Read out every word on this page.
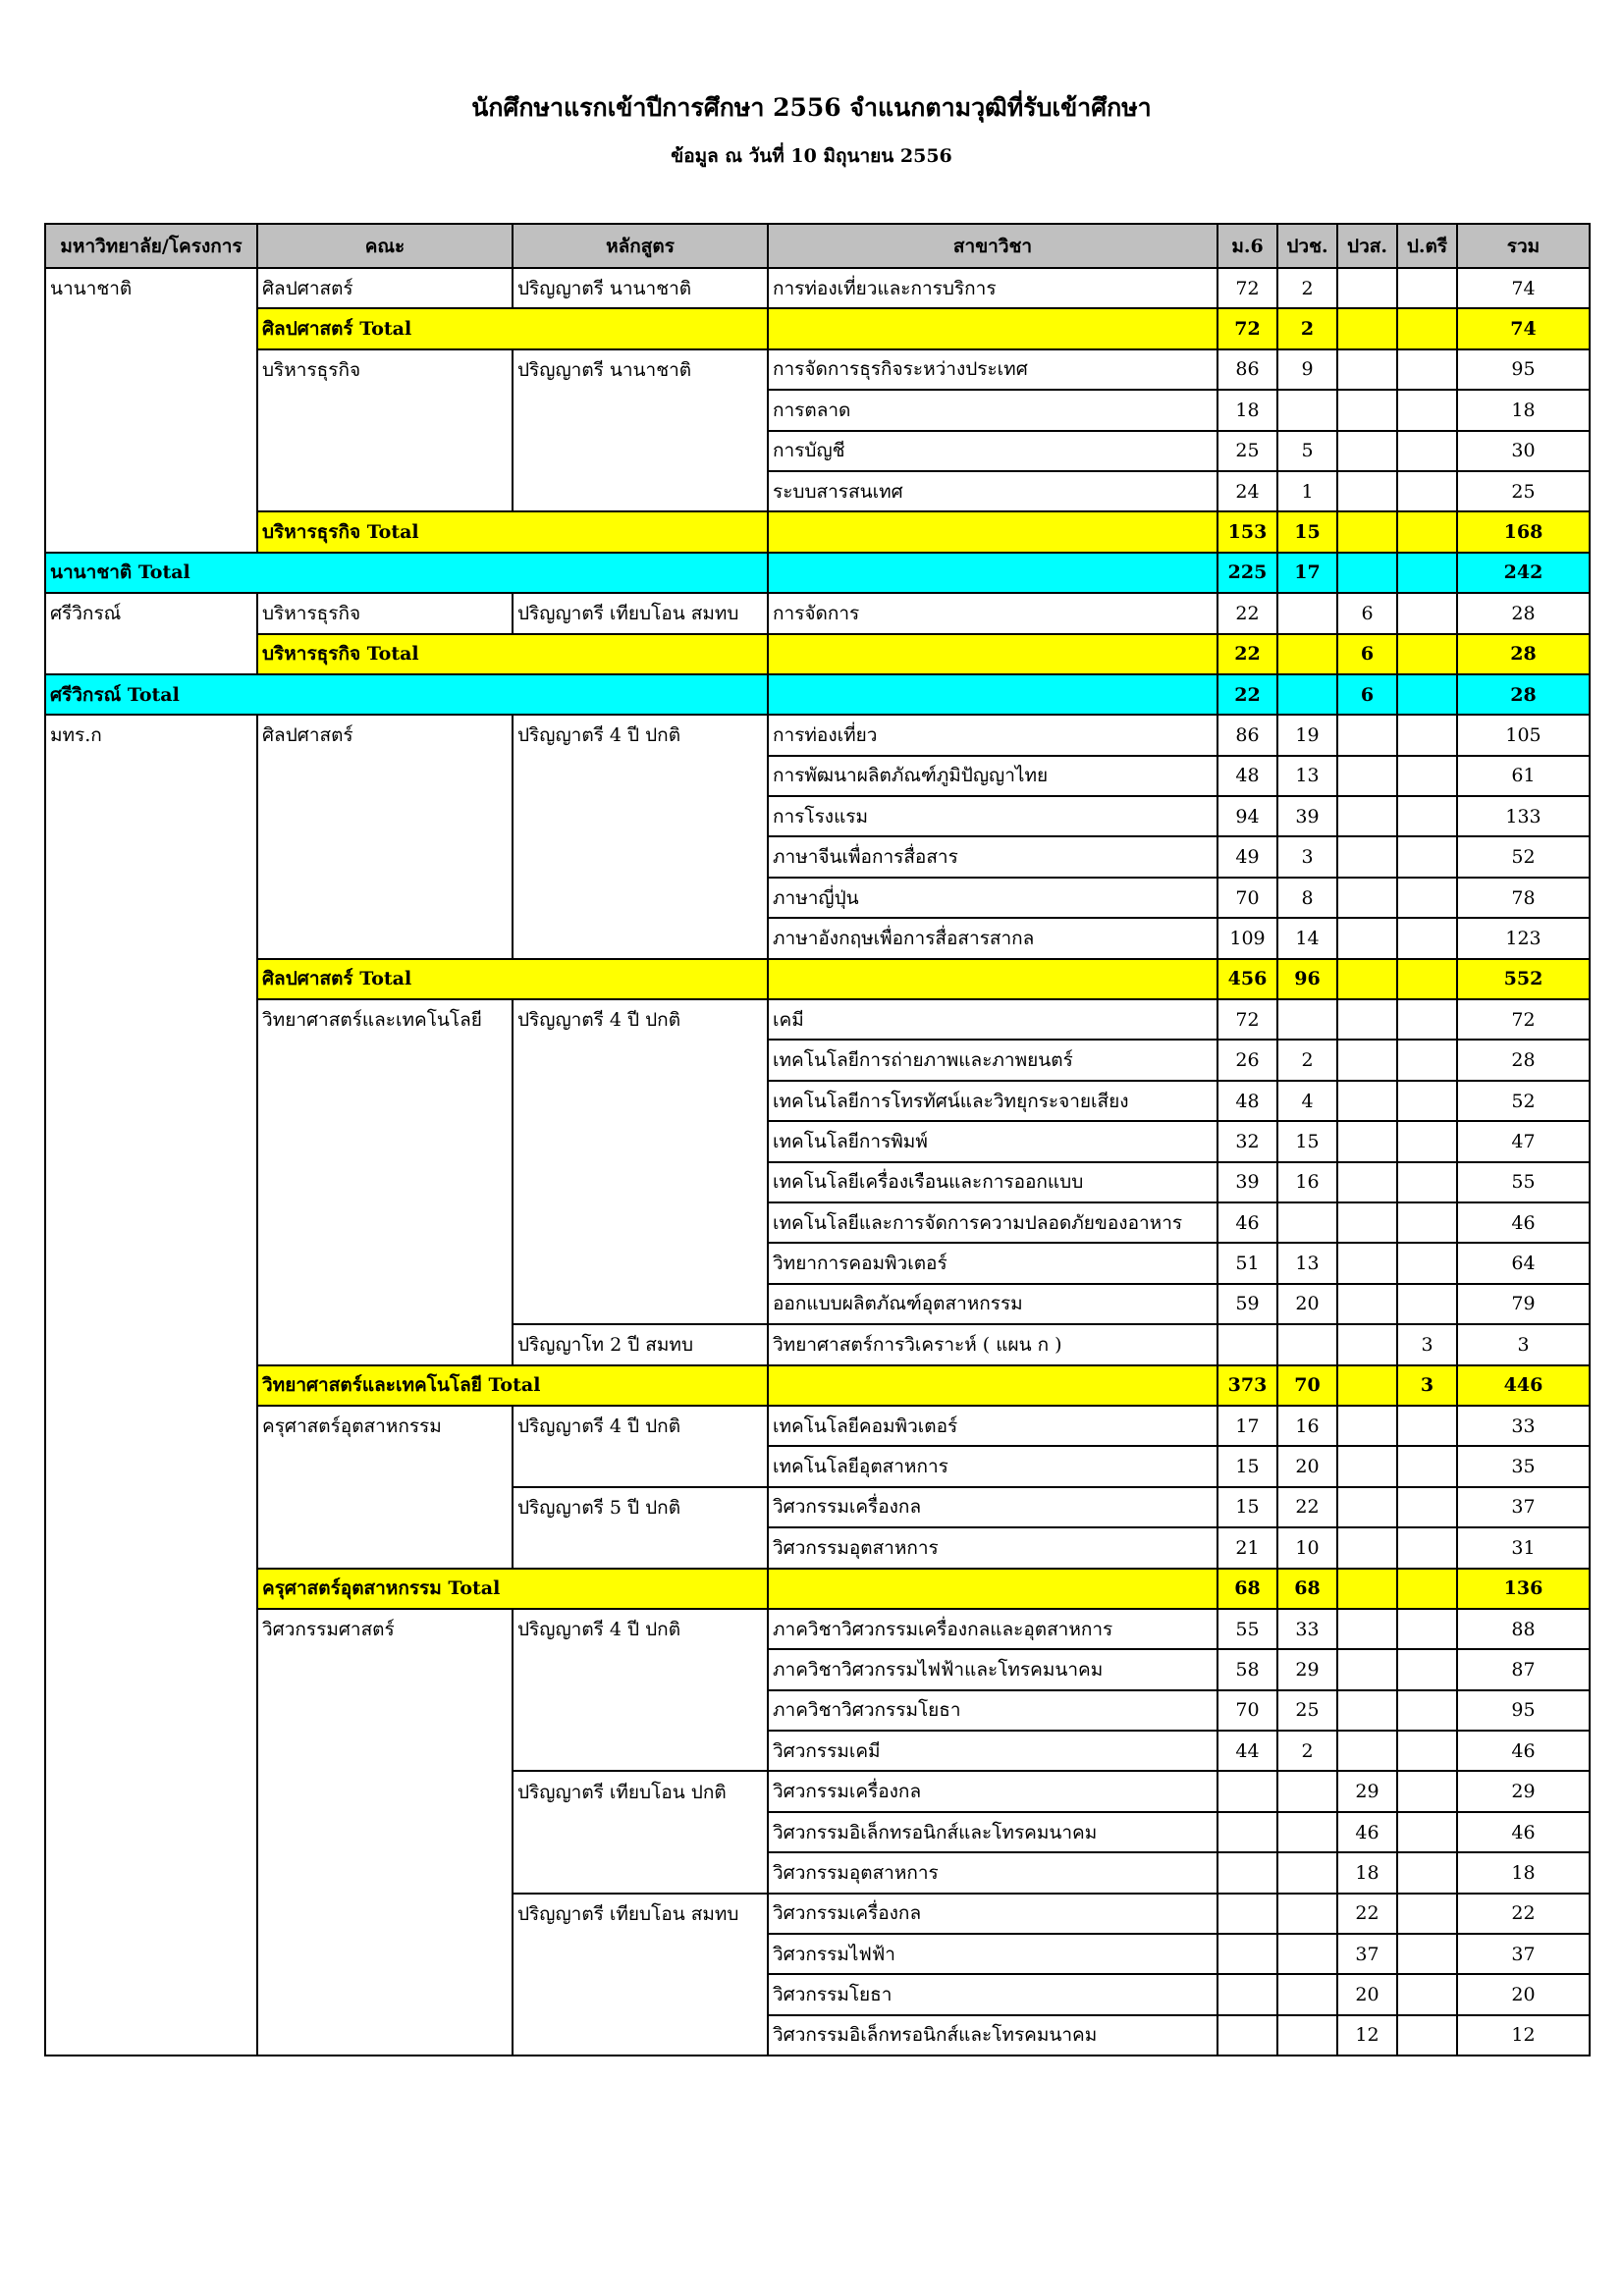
นักศึกษาแรกเข้าปีการศึกษา 2556 จำแนกตามวุฒิที่รับเข้าศึกษา
ข้อมูล ณ วันที่ 10 มิถุนายน 2556
มหาวิทยาลัย/โครงการ	คณะ	หลักสูตร	สาขาวิชา	ม.6	ปวช.	ปวส.	ป.ตรี	รวม
นานาชาติ	ศิลปศาสตร์	ปริญญาตรี นานาชาติ	การท่องเที่ยวและการบริการ	72	2			74
	ศิลปศาสตร์ Total			72	2			74
	บริหารธุรกิจ	ปริญญาตรี นานาชาติ	การจัดการธุรกิจระหว่างประเทศ	86	9			95
			การตลาด	18				18
			การบัญชี	25	5			30
			ระบบสารสนเทศ	24	1			25
	บริหารธุรกิจ Total			153	15			168
นานาชาติ Total				225	17			242
ศรีวิกรณ์	บริหารธุรกิจ	ปริญญาตรี เทียบโอน สมทบ	การจัดการ	22		6		28
	บริหารธุรกิจ Total			22		6		28
ศรีวิกรณ์ Total				22		6		28
มทร.ก	ศิลปศาสตร์	ปริญญาตรี 4 ปี ปกติ	การท่องเที่ยว	86	19			105
			การพัฒนาผลิตภัณฑ์ภูมิปัญญาไทย	48	13			61
			การโรงแรม	94	39			133
			ภาษาจีนเพื่อการสื่อสาร	49	3			52
			ภาษาญี่ปุ่น	70	8			78
			ภาษาอังกฤษเพื่อการสื่อสารสากล	109	14			123
	ศิลปศาสตร์ Total			456	96			552
	วิทยาศาสตร์และเทคโนโลยี	ปริญญาตรี 4 ปี ปกติ	เคมี	72				72
			เทคโนโลยีการถ่ายภาพและภาพยนตร์	26	2			28
			เทคโนโลยีการโทรทัศน์และวิทยุกระจายเสียง	48	4			52
			เทคโนโลยีการพิมพ์	32	15			47
			เทคโนโลยีเครื่องเรือนและการออกแบบ	39	16			55
			เทคโนโลยีและการจัดการความปลอดภัยของอาหาร	46				46
			วิทยาการคอมพิวเตอร์	51	13			64
			ออกแบบผลิตภัณฑ์อุตสาหกรรม	59	20			79
		ปริญญาโท 2 ปี สมทบ	วิทยาศาสตร์การวิเคราะห์ ( แผน ก )				3	3
	วิทยาศาสตร์และเทคโนโลยี Total			373	70		3	446
	ครุศาสตร์อุตสาหกรรม	ปริญญาตรี 4 ปี ปกติ	เทคโนโลยีคอมพิวเตอร์	17	16			33
			เทคโนโลยีอุตสาหการ	15	20			35
		ปริญญาตรี 5 ปี ปกติ	วิศวกรรมเครื่องกล	15	22			37
			วิศวกรรมอุตสาหการ	21	10			31
	ครุศาสตร์อุตสาหกรรม Total			68	68			136
	วิศวกรรมศาสตร์	ปริญญาตรี 4 ปี ปกติ	ภาควิชาวิศวกรรมเครื่องกลและอุตสาหการ	55	33			88
			ภาควิชาวิศวกรรมไฟฟ้าและโทรคมนาคม	58	29			87
			ภาควิชาวิศวกรรมโยธา	70	25			95
			วิศวกรรมเคมี	44	2			46
		ปริญญาตรี เทียบโอน ปกติ	วิศวกรรมเครื่องกล			29		29
			วิศวกรรมอิเล็กทรอนิกส์และโทรคมนาคม			46		46
			วิศวกรรมอุตสาหการ			18		18
		ปริญญาตรี เทียบโอน สมทบ	วิศวกรรมเครื่องกล			22		22
			วิศวกรรมไฟฟ้า			37		37
			วิศวกรรมโยธา			20		20
			วิศวกรรมอิเล็กทรอนิกส์และโทรคมนาคม			12		12
